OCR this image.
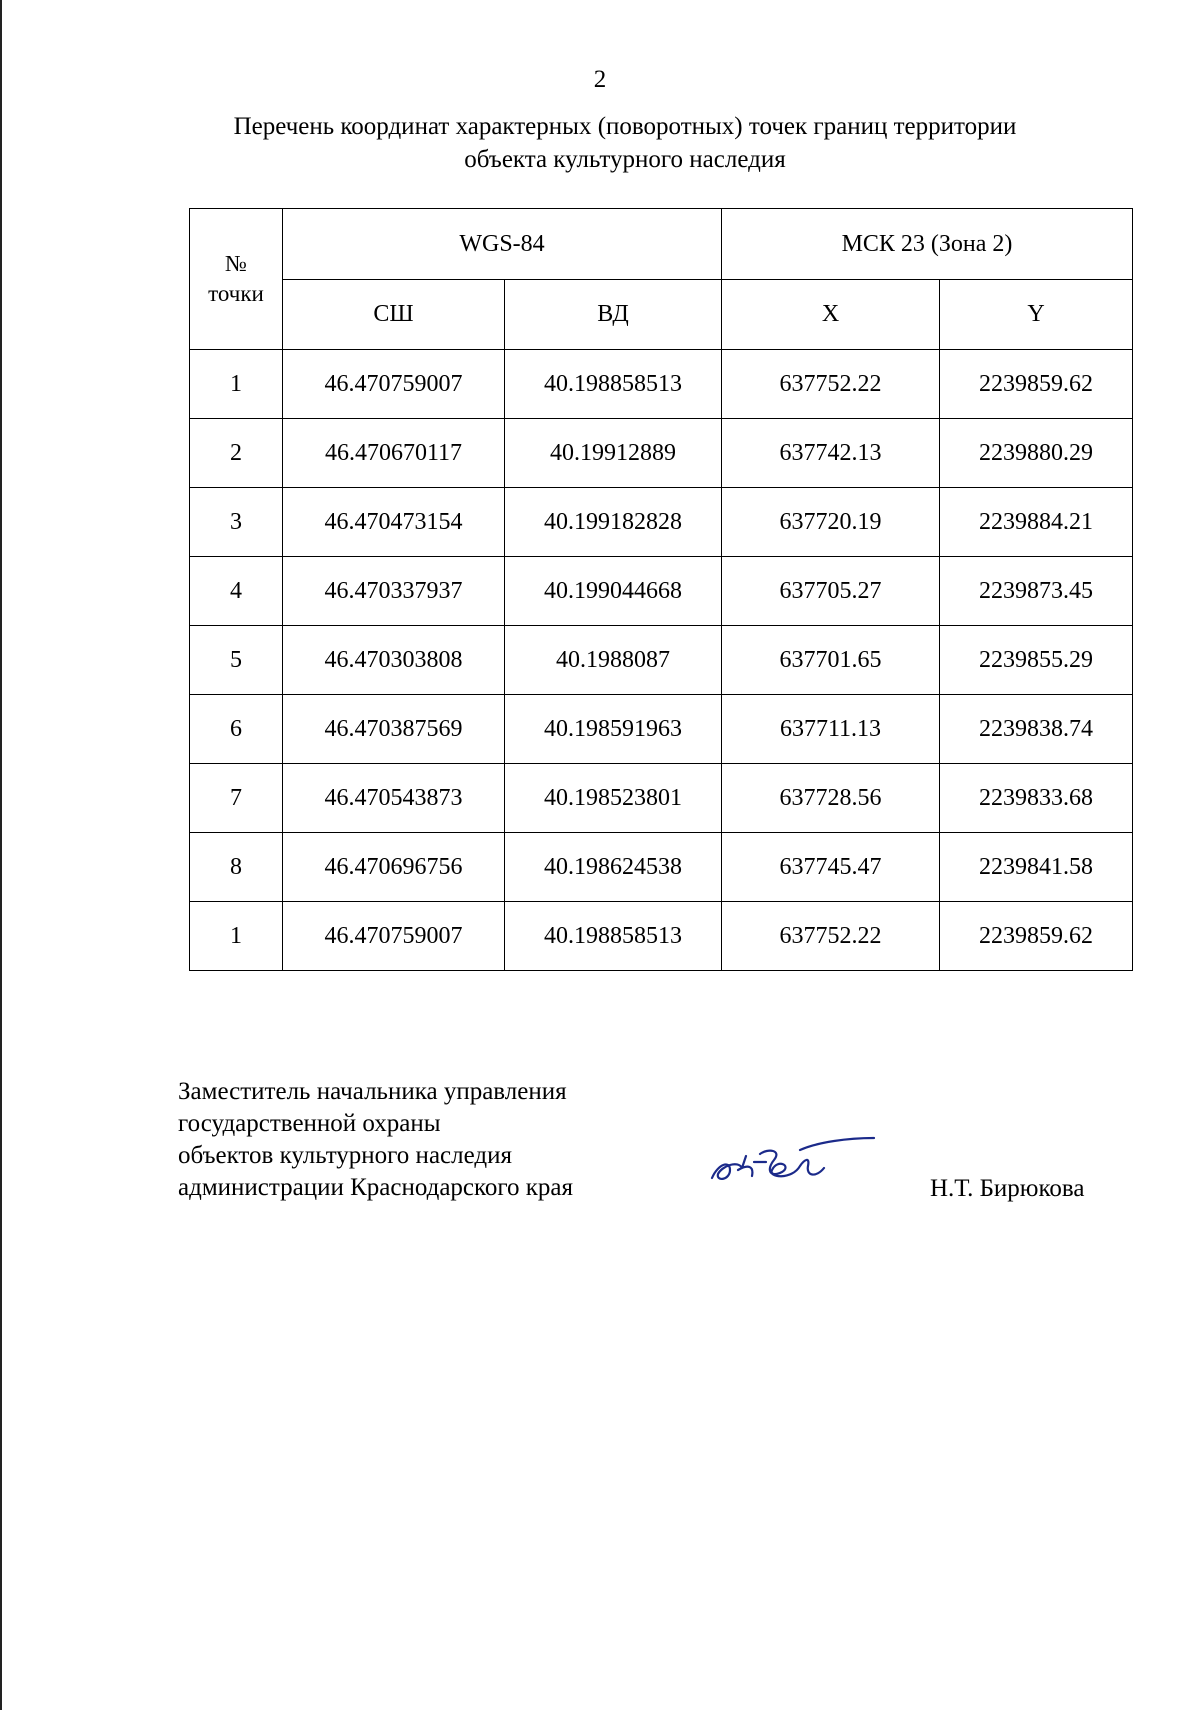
2
Перечень координат характерных (поворотных) точек границ территории
объекта культурного наследия
№
точки	WGS-84		МСК 23 (Зона 2)	
	СШ	ВД	X	Y
1	46.470759007	40.198858513	637752.22	2239859.62
2	46.470670117	40.19912889	637742.13	2239880.29
3	46.470473154	40.199182828	637720.19	2239884.21
4	46.470337937	40.199044668	637705.27	2239873.45
5	46.470303808	40.1988087	637701.65	2239855.29
6	46.470387569	40.198591963	637711.13	2239838.74
7	46.470543873	40.198523801	637728.56	2239833.68
8	46.470696756	40.198624538	637745.47	2239841.58
1	46.470759007	40.198858513	637752.22	2239859.62
Заместитель начальника управления
государственной охраны
объектов культурного наследия
администрации Краснодарского края	Н.Т. Бирюкова
